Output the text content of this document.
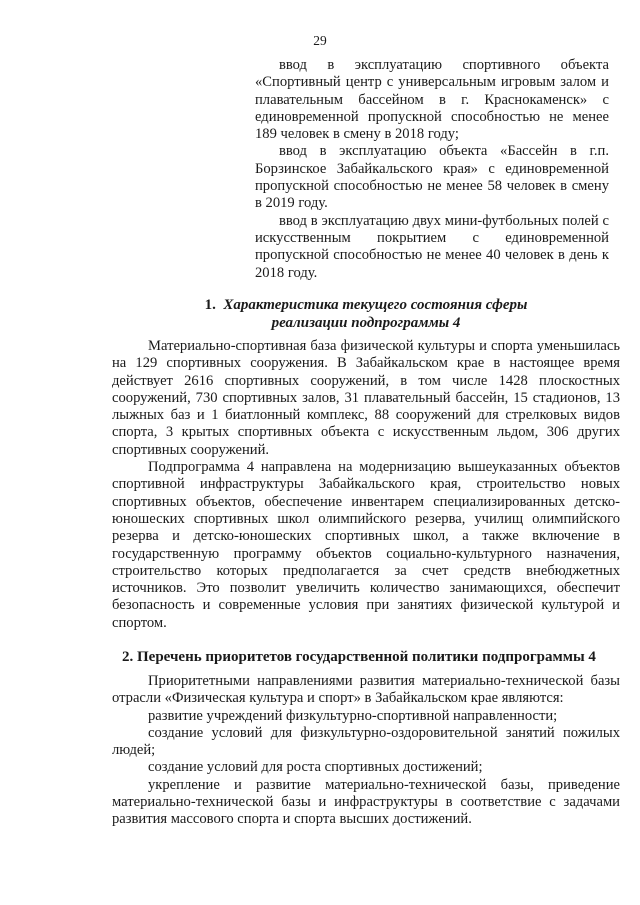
29

ввод в эксплуатацию спортивного объекта «Спортивный центр с универсальным игровым залом и плавательным бассейном в г. Краснокаменск» с единовременной пропускной способностью не менее 189 человек в смену в 2018 году;

ввод в эксплуатацию объекта «Бассейн в г.п. Борзинское Забайкальского края» с единовременной пропускной способностью не менее 58 человек в смену в 2019 году.

ввод в эксплуатацию двух мини-футбольных полей с искусственным покрытием с единовременной пропускной способностью не менее 40 человек в день к 2018 году.

1. Характеристика текущего состояния сферы
реализации подпрограммы 4

Материально-спортивная база физической культуры и спорта уменьшилась на 129 спортивных сооружения. В Забайкальском крае в настоящее время действует 2616 спортивных сооружений, в том числе 1428 плоскостных сооружений, 730 спортивных залов, 31 плавательный бассейн, 15 стадионов, 13 лыжных баз и 1 биатлонный комплекс, 88 сооружений для стрелковых видов спорта, 3 крытых спортивных объекта с искусственным льдом, 306 других спортивных сооружений.

Подпрограмма 4 направлена на модернизацию вышеуказанных объектов спортивной инфраструктуры Забайкальского края, строительство новых спортивных объектов, обеспечение инвентарем специализированных детско-юношеских спортивных школ олимпийского резерва, училищ олимпийского резерва и детско-юношеских спортивных школ, а также включение в государственную программу объектов социально-культурного назначения, строительство которых предполагается за счет средств внебюджетных источников. Это позволит увеличить количество занимающихся, обеспечит безопасность и современные условия при занятиях физической культурой и спортом.

2. Перечень приоритетов государственной политики подпрограммы 4

Приоритетными направлениями развития материально-технической базы отрасли «Физическая культура и спорт» в Забайкальском крае являются:

развитие учреждений физкультурно-спортивной направленности;

создание условий для физкультурно-оздоровительной занятий пожилых людей;

создание условий для роста спортивных достижений;

укрепление и развитие материально-технической базы, приведение материально-технической базы и инфраструктуры в соответствие с задачами развития массового спорта и спорта высших достижений.
